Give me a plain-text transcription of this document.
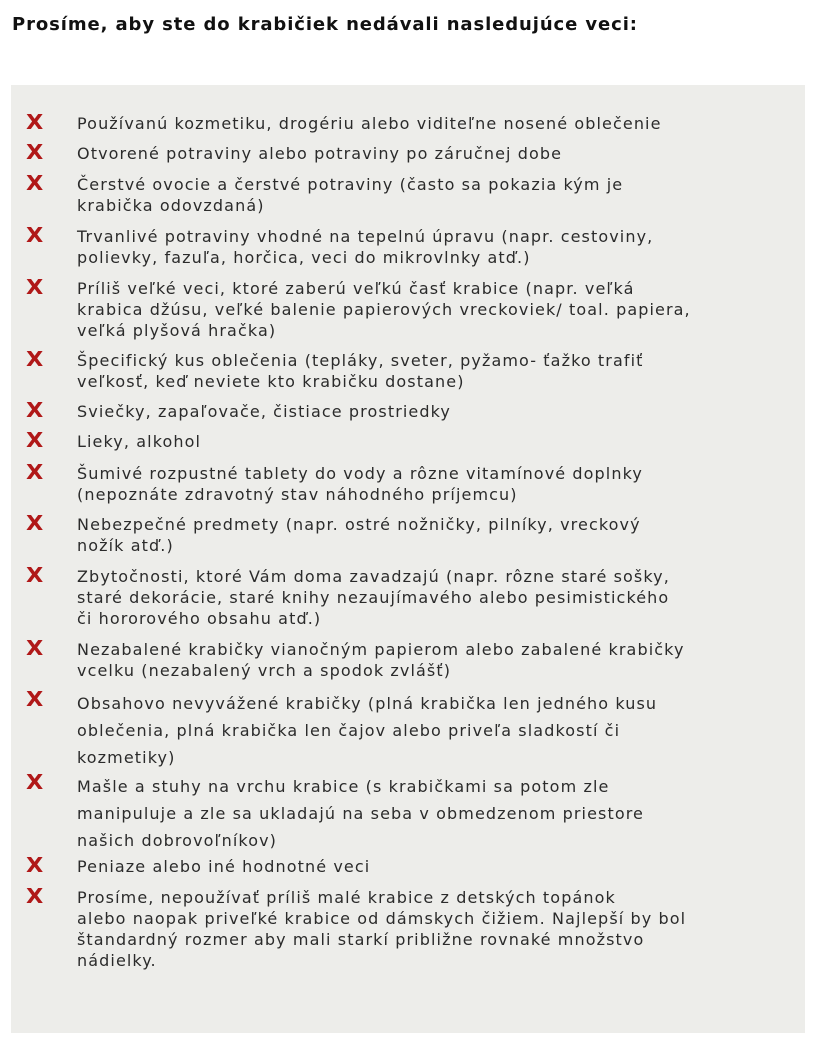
Prosíme, aby ste do krabičiek nedávali nasledujúce veci:
X	Používanú kozmetiku, drogériu alebo viditeľne nosené oblečenie
X	Otvorené potraviny alebo potraviny po záručnej dobe
X	Čerstvé ovocie a čerstvé potraviny (často sa pokazia kým je
krabička odovzdaná)
X	Trvanlivé potraviny vhodné na tepelnú úpravu (napr. cestoviny,
polievky, fazuľa, horčica, veci do mikrovlnky atď.)
X	Príliš veľké veci, ktoré zaberú veľkú časť krabice (napr. veľká
krabica džúsu, veľké balenie papierových vreckoviek/ toal. papiera,
veľká plyšová hračka)
X	Špecifický kus oblečenia (tepláky, sveter, pyžamo- ťažko trafiť
veľkosť, keď neviete kto krabičku dostane)
X	Sviečky, zapaľovače, čistiace prostriedky
X	Lieky, alkohol
X	Šumivé rozpustné tablety do vody a rôzne vitamínové doplnky
(nepoznáte zdravotný stav náhodného príjemcu)
X	Nebezpečné predmety (napr. ostré nožničky, pilníky, vreckový
nožík atď.)
X	Zbytočnosti, ktoré Vám doma zavadzajú (napr. rôzne staré sošky,
staré dekorácie, staré knihy nezaujímavého alebo pesimistického
či hororového obsahu atď.)
X	Nezabalené krabičky vianočným papierom alebo zabalené krabičky
vcelku (nezabalený vrch a spodok zvlášť)
X	Obsahovo nevyvážené krabičky (plná krabička len jedného kusu
oblečenia, plná krabička len čajov alebo priveľa sladkostí či
kozmetiky)
X	Mašle a stuhy na vrchu krabice (s krabičkami sa potom zle
manipuluje a zle sa ukladajú na seba v obmedzenom priestore
našich dobrovoľníkov)
X	Peniaze alebo iné hodnotné veci
X	Prosíme, nepoužívať príliš malé krabice z detských topánok
alebo naopak priveľké krabice od dámskych čižiem. Najlepší by bol
štandardný rozmer aby mali starkí približne rovnaké množstvo
nádielky.
